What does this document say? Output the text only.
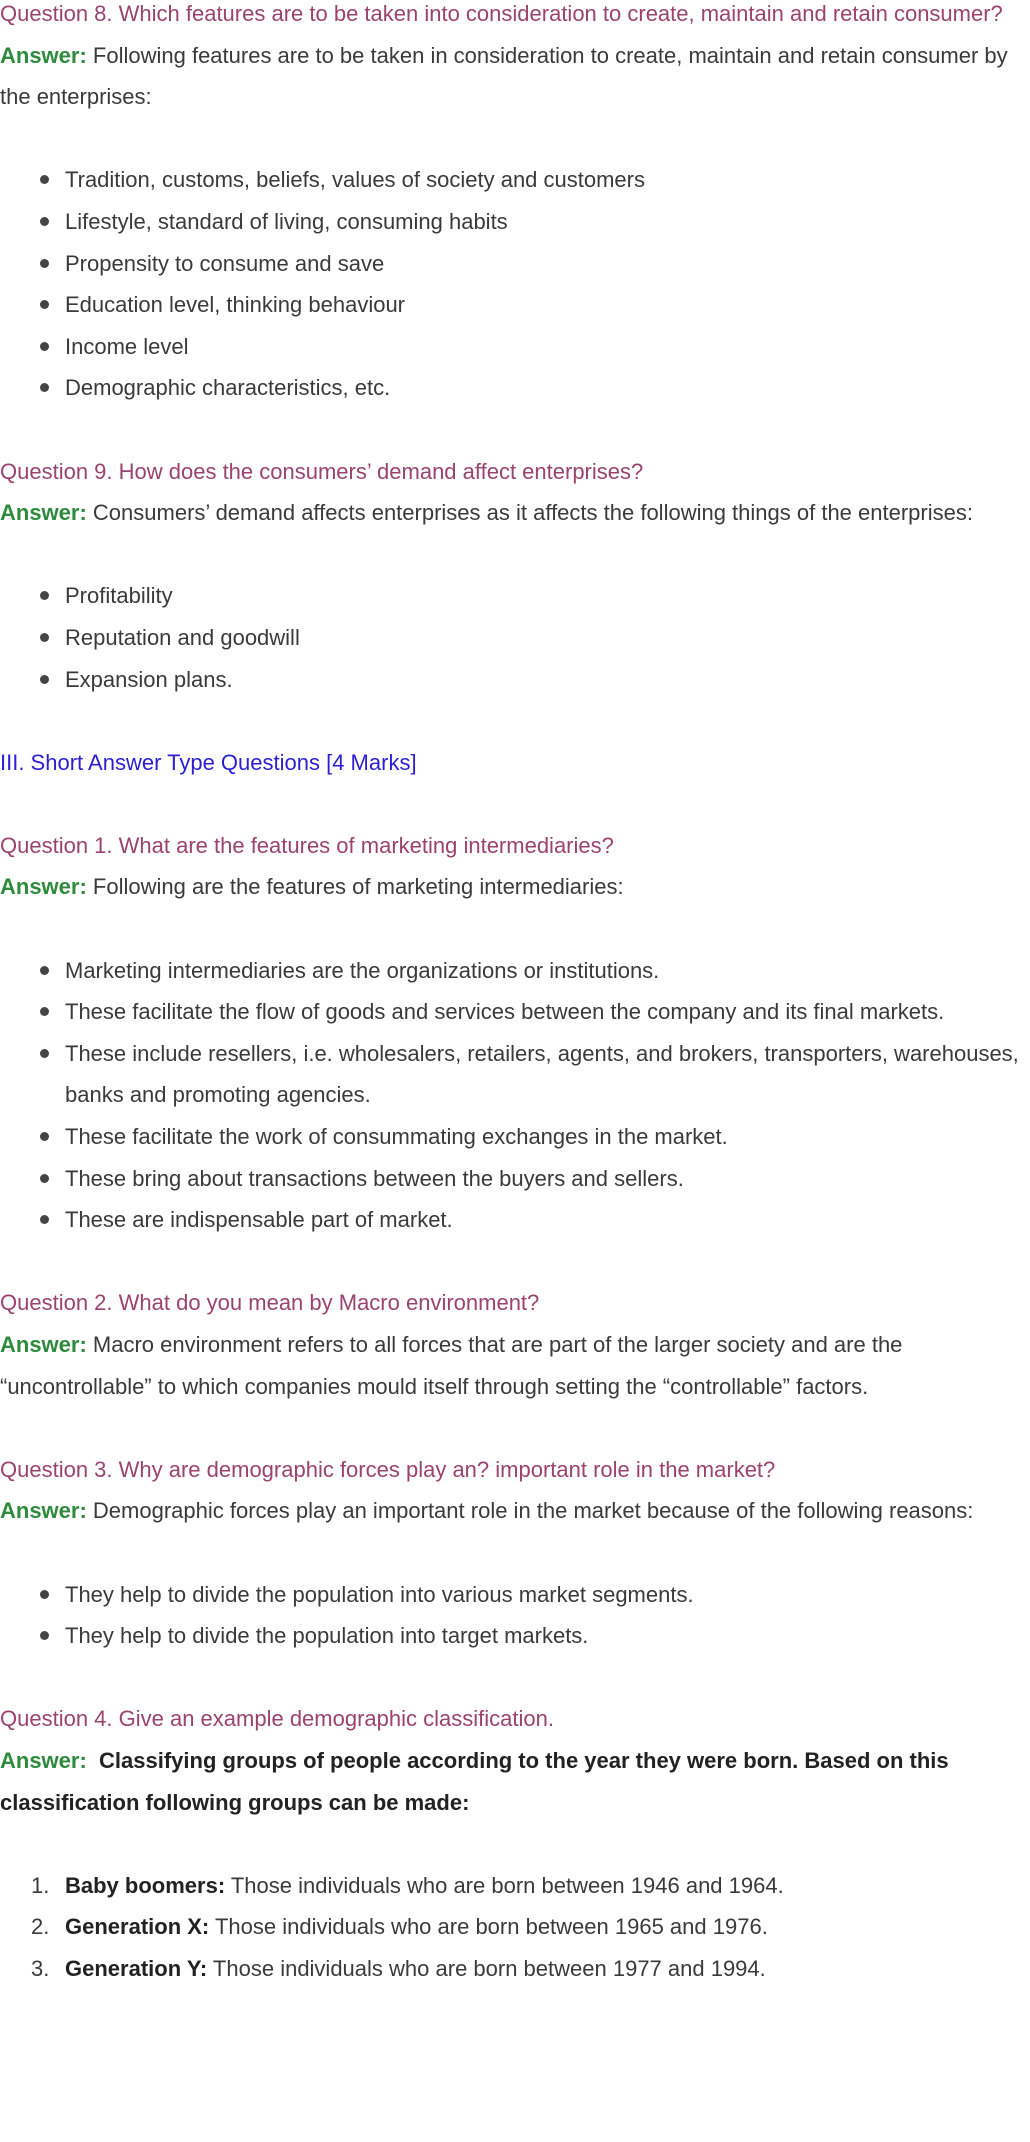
Question 8. Which features are to be taken into consideration to create, maintain and retain consumer?

Answer: Following features are to be taken in consideration to create, maintain and retain consumer by the enterprises:

Tradition, customs, beliefs, values of society and customers
Lifestyle, standard of living, consuming habits
Propensity to consume and save
Education level, thinking behaviour
Income level
Demographic characteristics, etc.

Question 9. How does the consumers’ demand affect enterprises?

Answer: Consumers’ demand affects enterprises as it affects the following things of the enterprises:

Profitability
Reputation and goodwill
Expansion plans.

III. Short Answer Type Questions [4 Marks]

Question 1. What are the features of marketing intermediaries?

Answer: Following are the features of marketing intermediaries:

Marketing intermediaries are the organizations or institutions.
These facilitate the flow of goods and services between the company and its final markets.
These include resellers, i.e. wholesalers, retailers, agents, and brokers, transporters, warehouses, banks and promoting agencies.
These facilitate the work of consummating exchanges in the market.
These bring about transactions between the buyers and sellers.
These are indispensable part of market.

Question 2. What do you mean by Macro environment?

Answer: Macro environment refers to all forces that are part of the larger society and are the “uncontrollable” to which companies mould itself through setting the “controllable” factors.

Question 3. Why are demographic forces play an? important role in the market?

Answer: Demographic forces play an important role in the market because of the following reasons:

They help to divide the population into various market segments.
They help to divide the population into target markets.

Question 4. Give an example demographic classification.

Answer: Classifying groups of people according to the year they were born. Based on this classification following groups can be made:

1. Baby boomers: Those individuals who are born between 1946 and 1964.
2. Generation X: Those individuals who are born between 1965 and 1976.
3. Generation Y: Those individuals who are born between 1977 and 1994.
